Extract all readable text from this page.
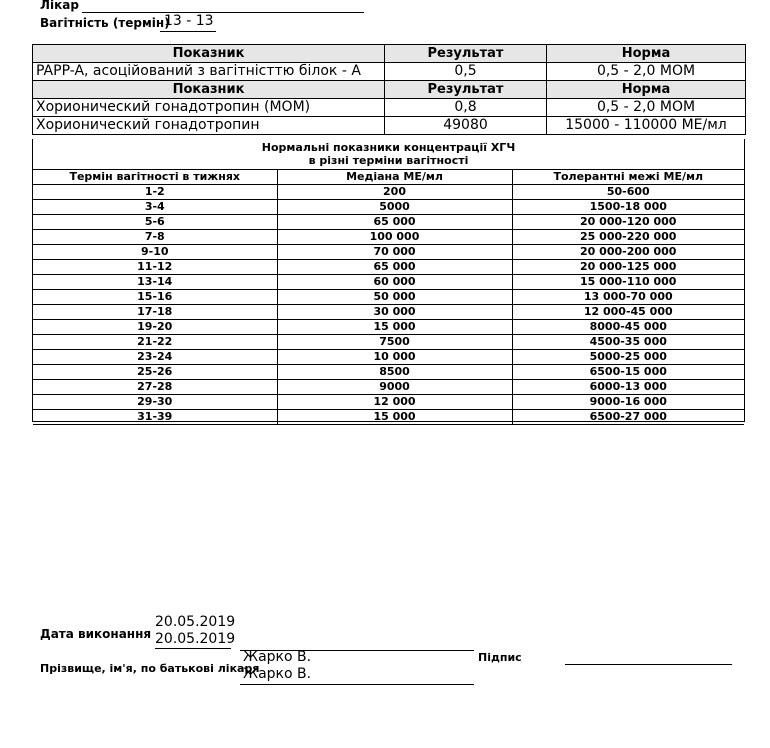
Лікар
Вагітність (термін)
13 - 13
Показник	Результат	Норма
PAPP-A, асоційований з вагітністтю білок - А	0,5	0,5 - 2,0 МОМ
Показник	Результат	Норма
Хорионический гонадотропин (МОМ)	0,8	0,5 - 2,0 МОМ
Хорионический гонадотропин	49080	15000 - 110000 МЕ/мл
Нормальні показники концентрації ХГЧ
в різні терміни вагітності
Термін вагітності в тижнях	Медіана МЕ/мл	Толерантні межі МЕ/мл
1-2	200	50-600
3-4	5000	1500-18 000
5-6	65 000	20 000-120 000
7-8	100 000	25 000-220 000
9-10	70 000	20 000-200 000
11-12	65 000	20 000-125 000
13-14	60 000	15 000-110 000
15-16	50 000	13 000-70 000
17-18	30 000	12 000-45 000
19-20	15 000	8000-45 000
21-22	7500	4500-35 000
23-24	10 000	5000-25 000
25-26	8500	6500-15 000
27-28	9000	6000-13 000
29-30	12 000	9000-16 000
31-39	15 000	6500-27 000
Дата виконання
20.05.2019
20.05.2019
Прізвище, ім'я, по батькові лікаря
Жарко В.
Жарко В.
Підпис
